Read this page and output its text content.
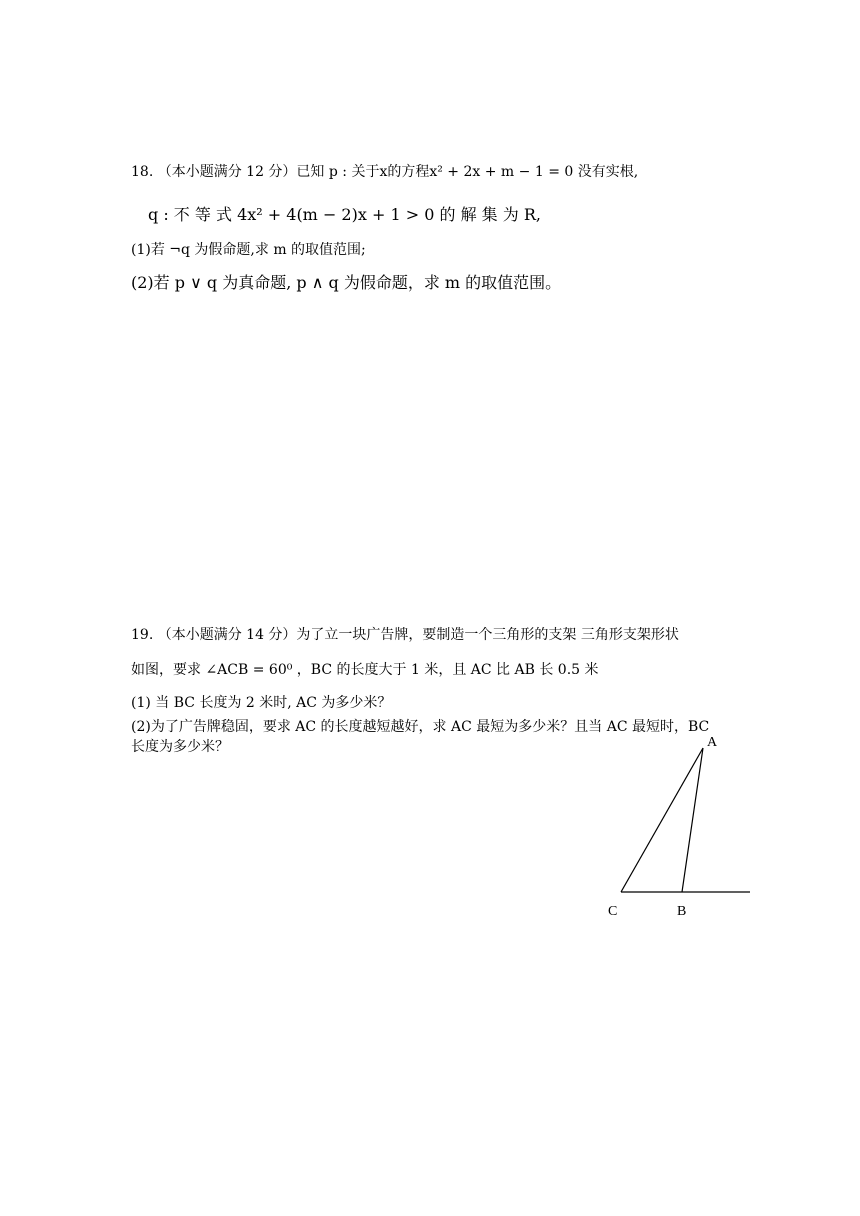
18. （本小题满分 12 分）已知 p : 关于x的方程x² + 2x + m − 1 = 0 没有实根,
q : 不 等 式 4x² + 4(m − 2)x + 1 > 0 的 解 集 为 R,
(1)若 ¬q 为假命题,求 m 的取值范围;
(2)若 p ∨ q 为真命题, p ∧ q 为假命题，求 m 的取值范围。
19. （本小题满分 14 分）为了立一块广告牌，要制造一个三角形的支架 三角形支架形状
如图，要求 ∠ACB = 60⁰ ，BC 的长度大于 1 米，且 AC 比 AB 长 0.5 米
(1) 当 BC 长度为 2 米时, AC 为多少米？
(2)为了广告牌稳固，要求 AC 的长度越短越好，求 AC 最短为多少米？且当 AC 最短时，BC
长度为多少米？	A
C	B
